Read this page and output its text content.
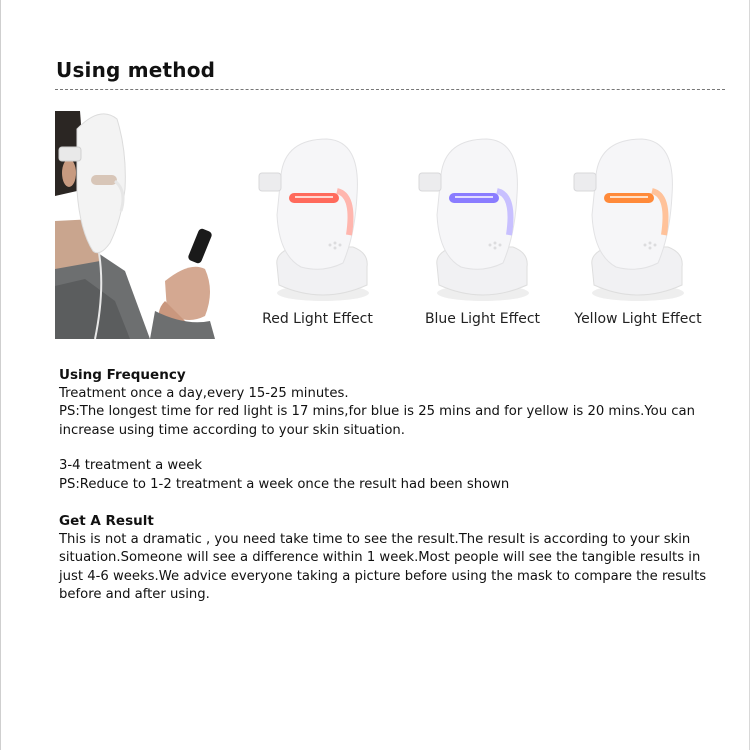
Using method
Red Light Effect	Blue Light Effect	Yellow Light Effect
Using Frequency
Treatment once a day,every 15-25 minutes.
PS:The longest time for red light is 17 mins,for blue is 25 mins and for yellow is 20 mins.You can increase using time according to your skin situation.
3-4 treatment a week
PS:Reduce to 1-2 treatment a week once the result had been shown
Get A Result
This is not a dramatic , you need take time to see the result.The result is according to your skin situation.Someone will see a difference within 1 week.Most people will see the tangible results in just 4-6 weeks.We advice everyone taking a picture before using the mask to compare the results before and after using.
